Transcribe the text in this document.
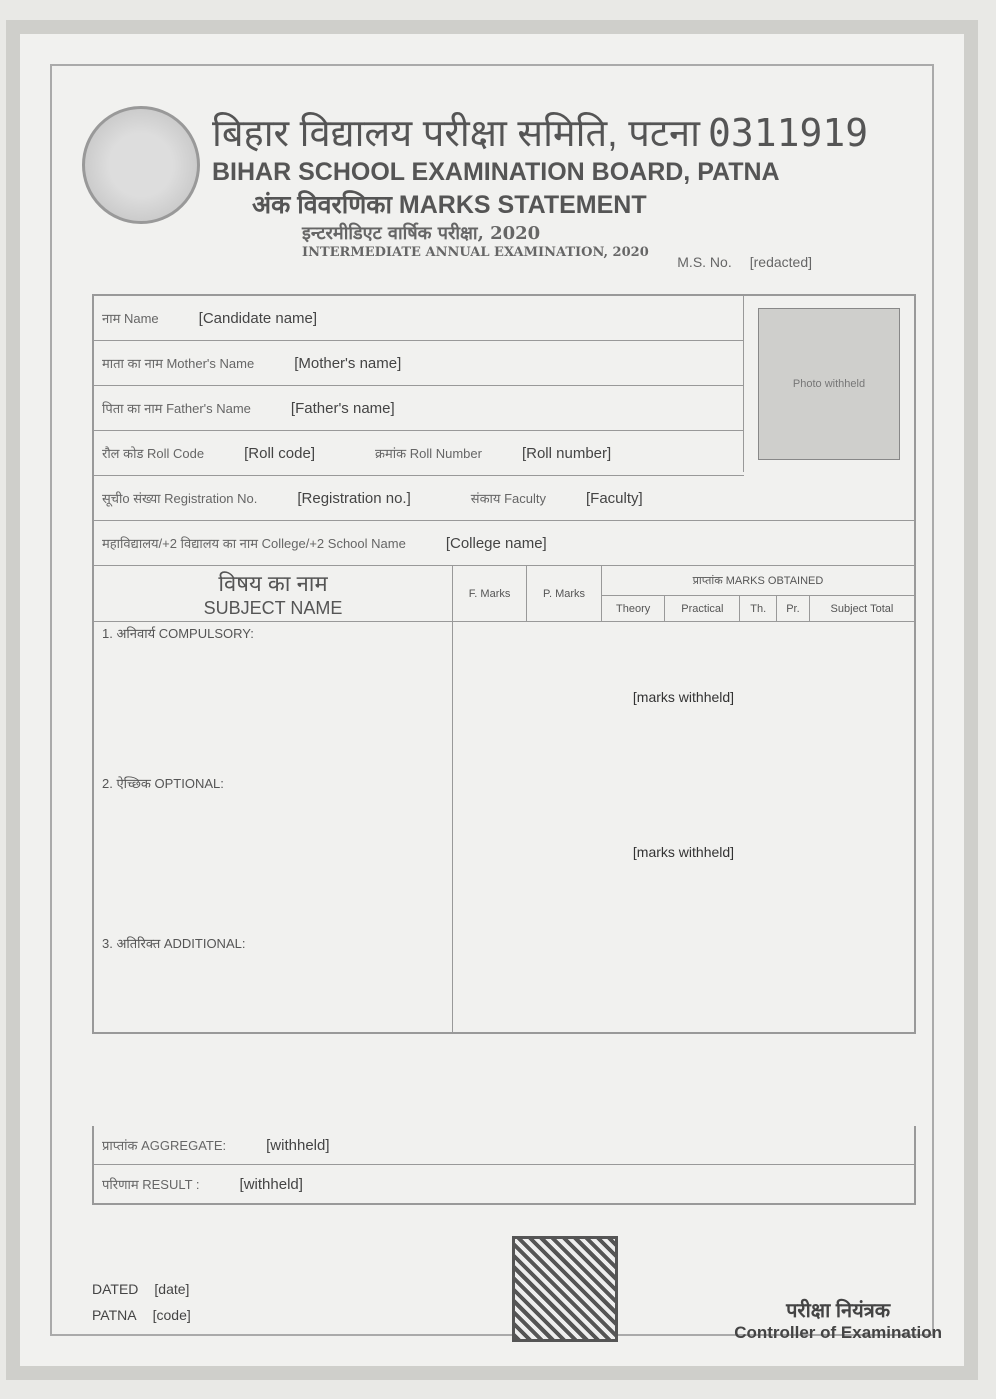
बिहार विद्यालय परीक्षा समिति, पटना 0311919
BIHAR SCHOOL EXAMINATION BOARD, PATNA
अंक विवरणिका MARKS STATEMENT
इन्टरमीडिएट वार्षिक परीक्षा, 2020
INTERMEDIATE ANNUAL EXAMINATION, 2020
M.S. No. [redacted]
नाम Name	[Candidate name]
माता का नाम Mother's Name	[Mother's name]
पिता का नाम Father's Name	[Father's name]
रौल कोड Roll Code	[Roll code]	क्रमांक Roll Number	[Roll number]
सूचीo संख्या Registration No.	[Registration no.]	संकाय Faculty	[Faculty]
महाविद्यालय/+2 विद्यालय का नाम College/+2 School Name	[College name]
Photo withheld
विषय का नाम
SUBJECT NAME	F. Marks	P. Marks	प्राप्तांक MARKS OBTAINED				
			Theory	Practical	Th.	Pr.	Subject Total
1. अनिवार्य COMPULSORY:	[marks withheld]						
2. ऐच्छिक OPTIONAL:	[marks withheld]						
3. अतिरिक्त ADDITIONAL:							
प्राप्तांक AGGREGATE:	[withheld]
परिणाम RESULT :	[withheld]
DATED [date]
PATNA [code]	परीक्षा नियंत्रक
Controller of Examination
